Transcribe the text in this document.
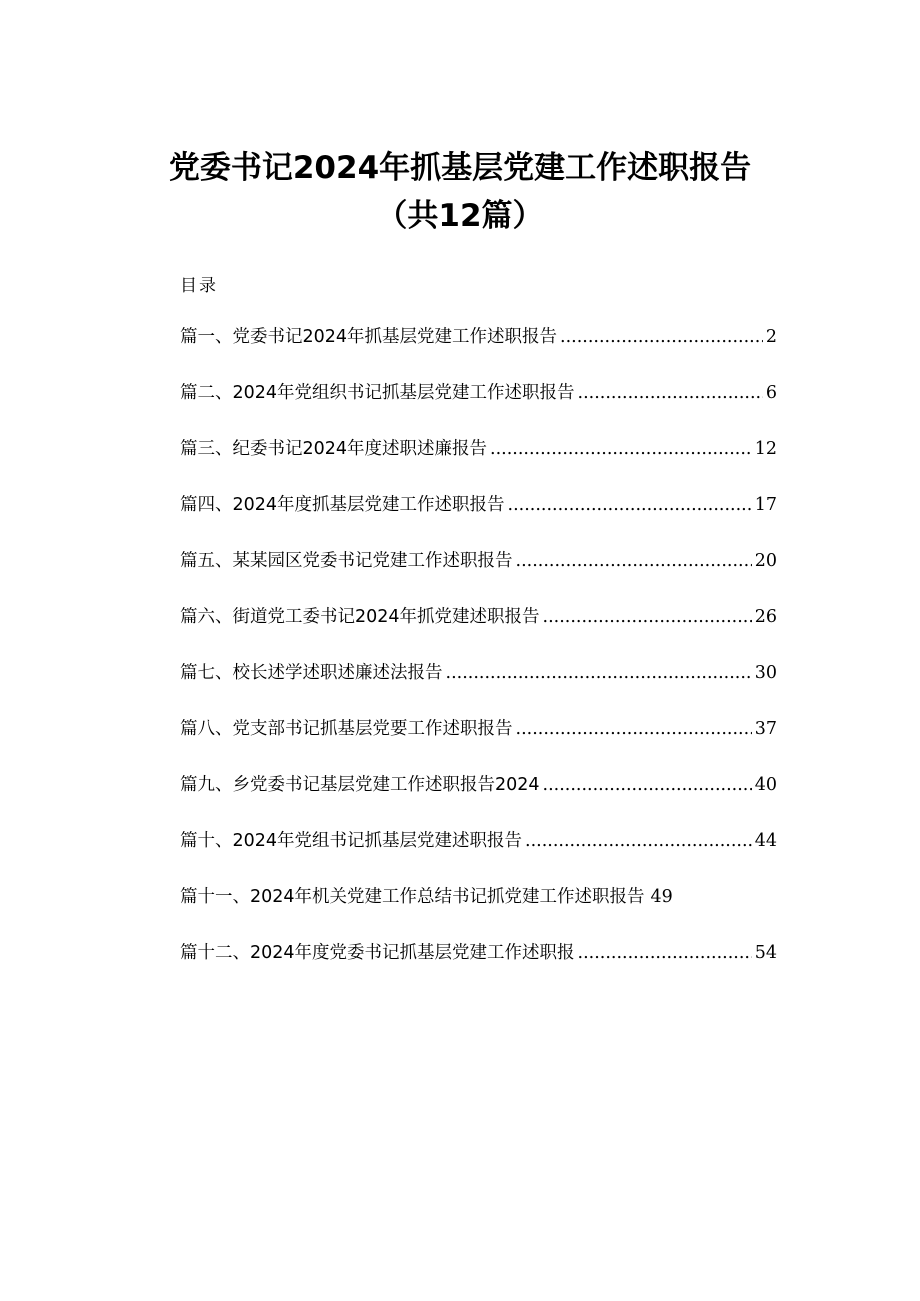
党委书记2024年抓基层党建工作述职报告
（共12篇）
目录
篇一、党委书记2024年抓基层党建工作述职报告 .....	2
篇二、2024年党组织书记抓基层党建工作述职报告 .....	6
篇三、纪委书记2024年度述职述廉报告 .....	12
篇四、2024年度抓基层党建工作述职报告 .....	17
篇五、某某园区党委书记党建工作述职报告 .....	20
篇六、街道党工委书记2024年抓党建述职报告 .....	26
篇七、校长述学述职述廉述法报告 .....	30
篇八、党支部书记抓基层党要工作述职报告 .....	37
篇九、乡党委书记基层党建工作述职报告2024 .....	40
篇十、2024年党组书记抓基层党建述职报告 .....	44
篇十一、2024年机关党建工作总结书记抓党建工作述职报告 49
篇十二、2024年度党委书记抓基层党建工作述职报 .....	54
